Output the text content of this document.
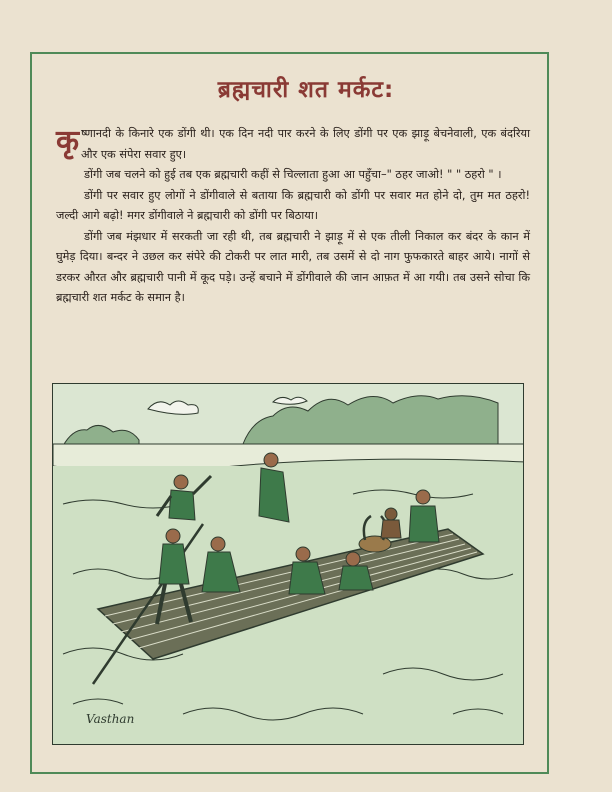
ब्रह्मचारी शत मर्कट:

कृष्णानदी के किनारे एक डोंगी थी। एक दिन नदी पार करने के लिए डोंगी पर एक झाड़ू बेचनेवाली, एक बंदरिया और एक संपेरा सवार हुए।

डोंगी जब चलने को हुई तब एक ब्रह्मचारी कहीं से चिल्लाता हुआ आ पहुँचा–" ठहर जाओ! " " ठहरो " ।

डोंगी पर सवार हुए लोगों ने डोंगीवाले से बताया कि ब्रह्मचारी को डोंगी पर सवार मत होने दो, तुम मत ठहरो! जल्दी आगे बढ़ो! मगर डोंगीवाले ने ब्रह्मचारी को डोंगी पर बिठाया।

डोंगी जब मंझधार में सरकती जा रही थी, तब ब्रह्मचारी ने झाड़ू में से एक तीली निकाल कर बंदर के कान में घुमेड़ दिया। बन्दर ने उछल कर संपेरे की टोकरी पर लात मारी, तब उसमें से दो नाग फुफकारते बाहर आये। नागों से डरकर औरत और ब्रह्मचारी पानी में कूद पड़े। उन्हें बचाने में डोंगीवाले की जान आफ़त में आ गयी। तब उसने सोचा कि ब्रह्मचारी शत मर्कट के समान है।

Vasthan
